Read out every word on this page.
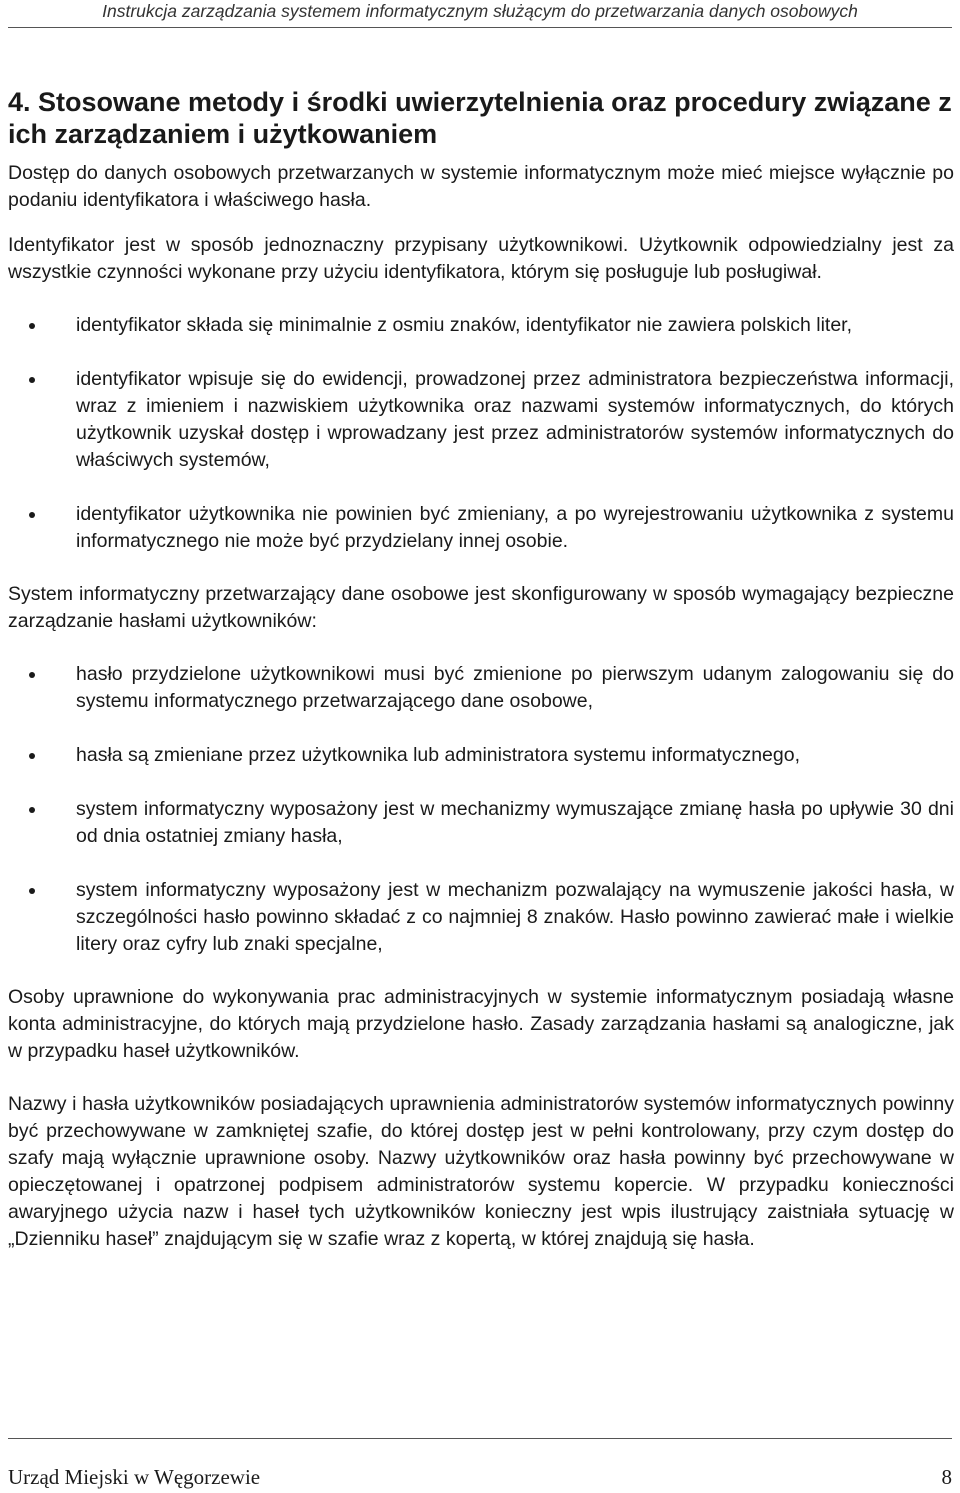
Instrukcja zarządzania systemem informatycznym służącym do przetwarzania danych osobowych
4. Stosowane metody i środki uwierzytelnienia oraz procedury związane z ich zarządzaniem i użytkowaniem

Dostęp do danych osobowych przetwarzanych w systemie informatycznym może mieć miejsce wyłącznie po podaniu identyfikatora i właściwego hasła.

Identyfikator jest w sposób jednoznaczny przypisany użytkownikowi. Użytkownik odpowiedzialny jest za wszystkie czynności wykonane przy użyciu identyfikatora, którym się posługuje lub posługiwał.

identyfikator składa się minimalnie z osmiu znaków, identyfikator nie zawiera polskich liter,
identyfikator wpisuje się do ewidencji, prowadzonej przez administratora bezpieczeństwa informacji, wraz z imieniem i nazwiskiem użytkownika oraz nazwami systemów informatycznych, do których użytkownik uzyskał dostęp i wprowadzany jest przez administratorów systemów informatycznych do właściwych systemów,
identyfikator użytkownika nie powinien być zmieniany, a po wyrejestrowaniu użytkownika z systemu informatycznego nie może być przydzielany innej osobie.

System informatyczny przetwarzający dane osobowe jest skonfigurowany w sposób wymagający bezpieczne zarządzanie hasłami użytkowników:

hasło przydzielone użytkownikowi musi być zmienione po pierwszym udanym zalogowaniu się do systemu informatycznego przetwarzającego dane osobowe,
hasła są zmieniane przez użytkownika lub administratora systemu informatycznego,
system informatyczny wyposażony jest w mechanizmy wymuszające zmianę hasła po upływie 30 dni od dnia ostatniej zmiany hasła,
system informatyczny wyposażony jest w mechanizm pozwalający na wymuszenie jakości hasła, w szczególności hasło powinno składać z co najmniej 8 znaków. Hasło powinno zawierać małe i wielkie litery oraz cyfry lub znaki specjalne,

Osoby uprawnione do wykonywania prac administracyjnych w systemie informatycznym posiadają własne konta administracyjne, do których mają przydzielone hasło. Zasady zarządzania hasłami są analogiczne, jak w przypadku haseł użytkowników.

Nazwy i hasła użytkowników posiadających uprawnienia administratorów systemów informatycznych powinny być przechowywane w zamkniętej szafie, do której dostęp jest w pełni kontrolowany, przy czym dostęp do szafy mają wyłącznie uprawnione osoby. Nazwy użytkowników oraz hasła powinny być przechowywane w opieczętowanej i opatrzonej podpisem administratorów systemu kopercie. W przypadku konieczności awaryjnego użycia nazw i haseł tych użytkowników konieczny jest wpis ilustrujący zaistniała sytuację w „Dzienniku haseł” znajdującym się w szafie wraz z kopertą, w której znajdują się hasła.

Urząd Miejski w Węgorzewie	8
